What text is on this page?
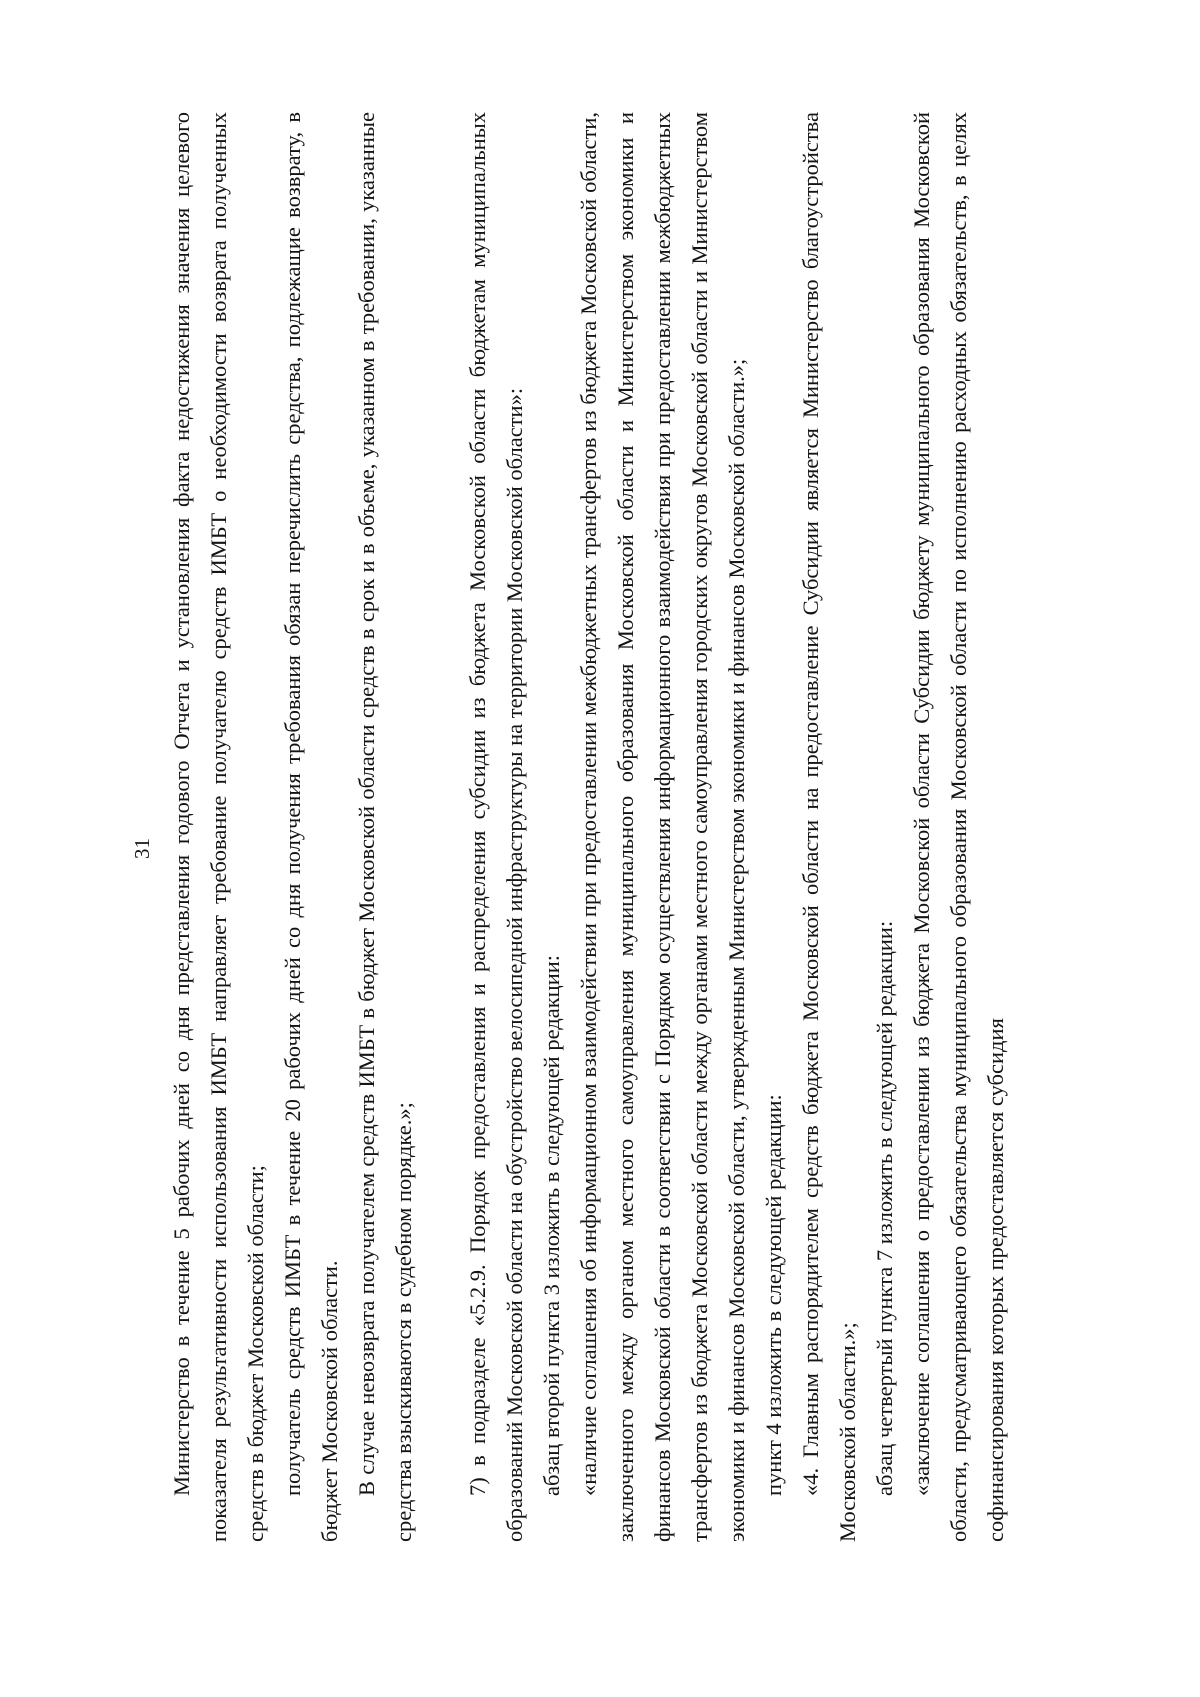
31 Министерство в течение 5 рабочих дней со дня представления годового Отчета и установления факта недостижения значения целевого показателя результативности использования ИМБТ направляет требование получателю средств ИМБТ о необходимости возврата полученных средств в бюджет Московской области; получатель средств ИМБТ в течение 20 рабочих дней со дня получения требования обязан перечислить средства, подлежащие возврату, в бюджет Московской области. В случае невозврата получателем средств ИМБТ в бюджет Московской области средств в срок и в объеме, указанном в требовании, указанные средства взыскиваются в судебном порядке.»; 7) в подразделе «5.2.9. Порядок предоставления и распределения субсидии из бюджета Московской области бюджетам муниципальных образований Московской области на обустройство велосипедной инфраструктуры на территории Московской области»: абзац второй пункта 3 изложить в следующей редакции: «наличие соглашения об информационном взаимодействии при предоставлении межбюджетных трансфертов из бюджета Московской области, заключенного между органом местного самоуправления муниципального образования Московской области и Министерством экономики и финансов Московской области в соответствии с Порядком осуществления информационного взаимодействия при предоставлении межбюджетных трансфертов из бюджета Московской области между органами местного самоуправления городских округов Московской области и Министерством экономики и финансов Московской области, утвержденным Министерством экономики и финансов Московской области.»; пункт 4 изложить в следующей редакции: «4. Главным распорядителем средств бюджета Московской области на предоставление Субсидии является Министерство благоустройства Московской области.»; абзац четвертый пункта 7 изложить в следующей редакции: «заключение соглашения о предоставлении из бюджета Московской области Субсидии бюджету муниципального образования Московской области, предусматривающего обязательства муниципального образования Московской области по исполнению расходных обязательств, в целях софинансирования которых предоставляется субсидия
